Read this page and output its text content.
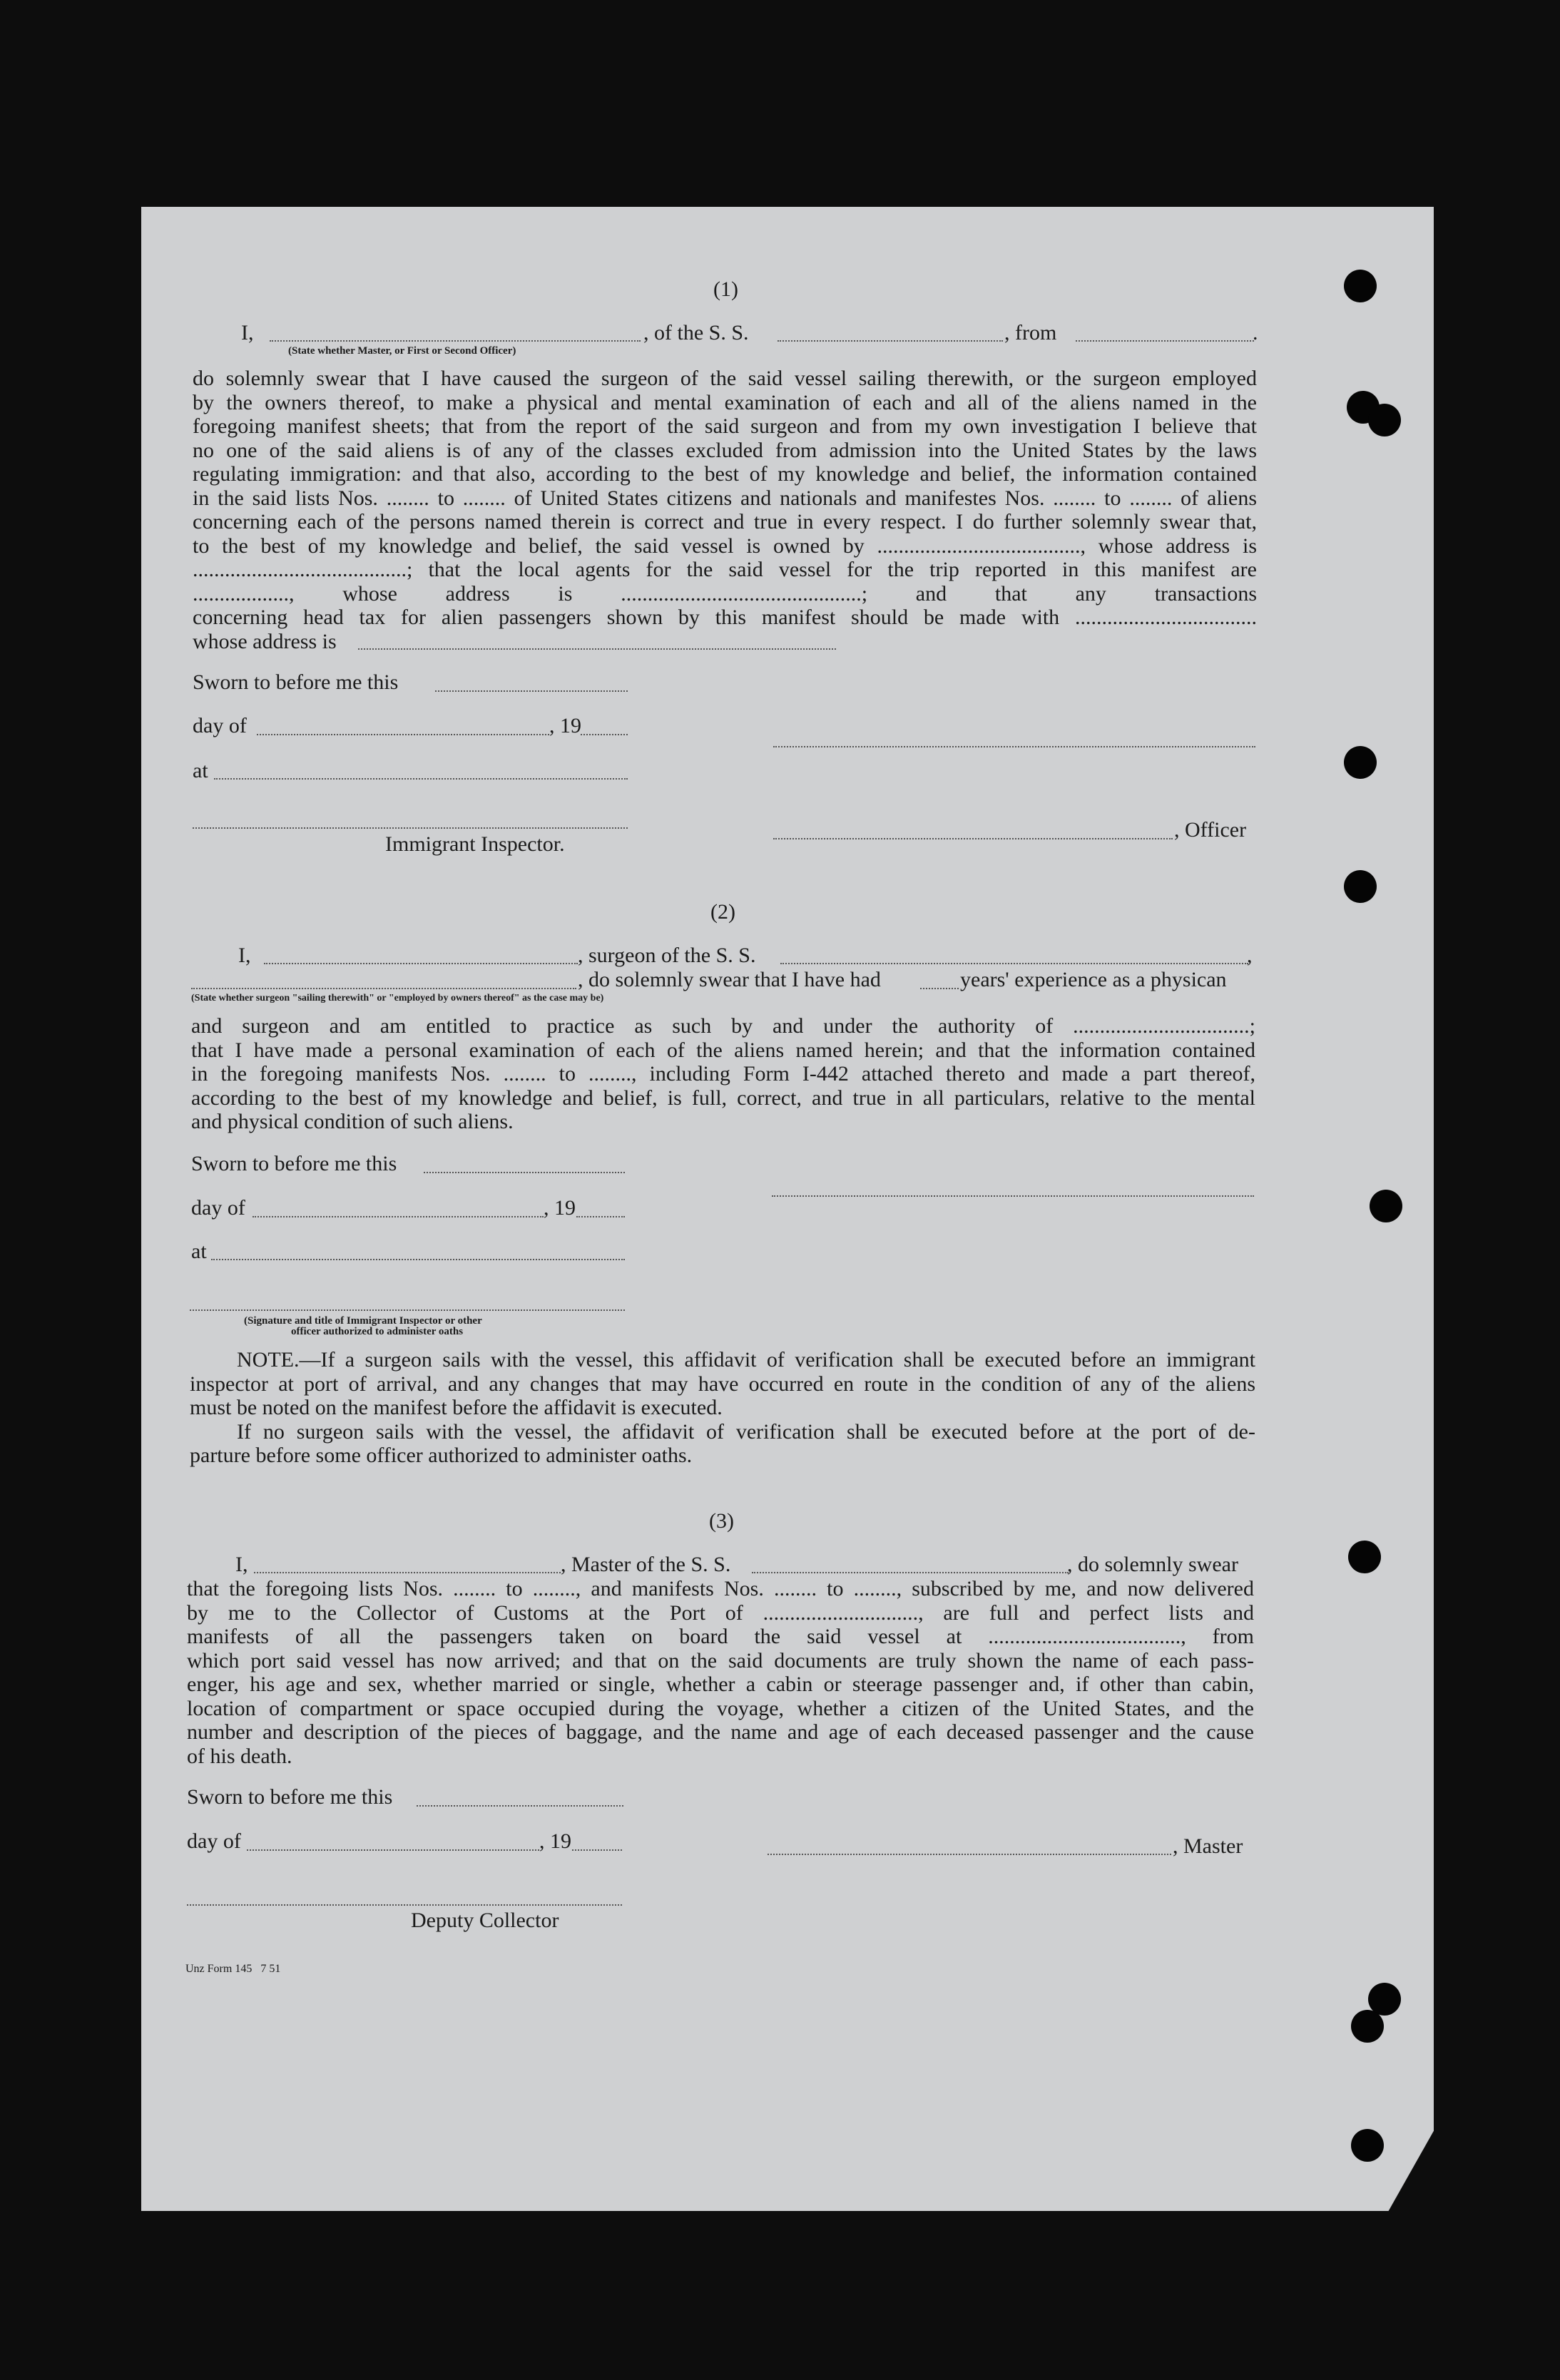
(1)
I,	, of the S. S.	, from	.
(State whether Master, or First or Second Officer)
do solemnly swear that I have caused the surgeon of the said vessel sailing therewith, or the surgeon employed
by the owners thereof, to make a physical and mental examination of each and all of the aliens named in the
foregoing manifest sheets; that from the report of the said surgeon and from my own investigation I believe that
no one of the said aliens is of any of the classes excluded from admission into the United States by the laws
regulating immigration: and that also, according to the best of my knowledge and belief, the information contained
in the said lists Nos. ........ to ........ of United States citizens and nationals and manifestes Nos. ........ to ........ of aliens
concerning each of the persons named therein is correct and true in every respect. I do further solemnly swear that,
to the best of my knowledge and belief, the said vessel is owned by ......................................, whose address is
........................................; that the local agents for the said vessel for the trip reported in this manifest are
.................., whose address is .............................................; and that any transactions
concerning head tax for alien passengers shown by this manifest should be made with ..................................
whose address is
Sworn to before me this
day of	, 19
at
Immigrant Inspector.
, Officer
(2)
I,	, surgeon of the S. S.	,
, do solemnly swear that I have had	years' experience as a physican
(State whether surgeon "sailing therewith" or "employed by owners thereof" as the case may be)
and surgeon and am entitled to practice as such by and under the authority of .................................;
that I have made a personal examination of each of the aliens named herein; and that the information contained
in the foregoing manifests Nos. ........ to ........, including Form I-442 attached thereto and made a part thereof,
according to the best of my knowledge and belief, is full, correct, and true in all particulars, relative to the mental
and physical condition of such aliens.
Sworn to before me this
day of	, 19
at
(Signature and title of Immigrant Inspector or other
officer authorized to administer oaths
NOTE.—If a surgeon sails with the vessel, this affidavit of verification shall be executed before an immigrant
inspector at port of arrival, and any changes that may have occurred en route in the condition of any of the aliens
must be noted on the manifest before the affidavit is executed.
If no surgeon sails with the vessel, the affidavit of verification shall be executed before at the port of de-
parture before some officer authorized to administer oaths.
(3)
I,	, Master of the S. S.	, do solemnly swear
that the foregoing lists Nos. ........ to ........, and manifests Nos. ........ to ........, subscribed by me, and now delivered
by me to the Collector of Customs at the Port of ............................., are full and perfect lists and
manifests of all the passengers taken on board the said vessel at ...................................., from
which port said vessel has now arrived; and that on the said documents are truly shown the name of each pass-
enger, his age and sex, whether married or single, whether a cabin or steerage passenger and, if other than cabin,
location of compartment or space occupied during the voyage, whether a citizen of the United States, and the
number and description of the pieces of baggage, and the name and age of each deceased passenger and the cause
of his death.
Sworn to before me this
day of	, 19	, Master
Deputy Collector
Unz Form 145   7 51
